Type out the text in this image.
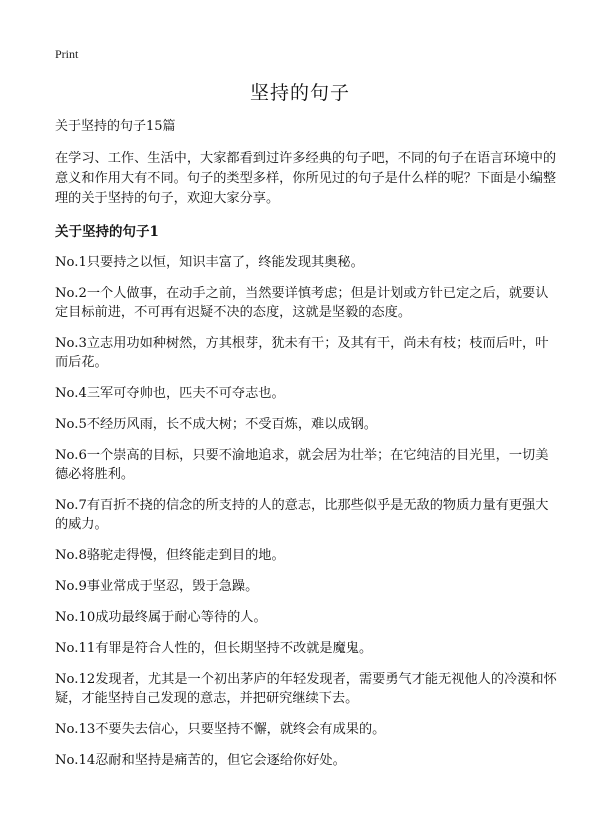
Print
坚持的句子

关于坚持的句子15篇

在学习、工作、生活中，大家都看到过许多经典的句子吧，不同的句子在语言环境中的意义和作用大有不同。句子的类型多样，你所见过的句子是什么样的呢？下面是小编整理的关于坚持的句子，欢迎大家分享。

关于坚持的句子1

No.1只要持之以恒，知识丰富了，终能发现其奥秘。

No.2一个人做事，在动手之前，当然要详慎考虑；但是计划或方针已定之后，就要认定目标前进，不可再有迟疑不决的态度，这就是坚毅的态度。

No.3立志用功如种树然，方其根芽，犹未有干；及其有干，尚未有枝；枝而后叶，叶而后花。

No.4三军可夺帅也，匹夫不可夺志也。

No.5不经历风雨，长不成大树；不受百炼，难以成钢。

No.6一个崇高的目标，只要不渝地追求，就会居为壮举；在它纯洁的目光里，一切美德必将胜利。

No.7有百折不挠的信念的所支持的人的意志，比那些似乎是无敌的物质力量有更强大的威力。

No.8骆驼走得慢，但终能走到目的地。

No.9事业常成于坚忍，毁于急躁。

No.10成功最终属于耐心等待的人。

No.11有罪是符合人性的，但长期坚持不改就是魔鬼。

No.12发现者，尤其是一个初出茅庐的年轻发现者，需要勇气才能无视他人的冷漠和怀疑，才能坚持自己发现的意志，并把研究继续下去。

No.13不要失去信心，只要坚持不懈，就终会有成果的。

No.14忍耐和坚持是痛苦的，但它会逐给你好处。
